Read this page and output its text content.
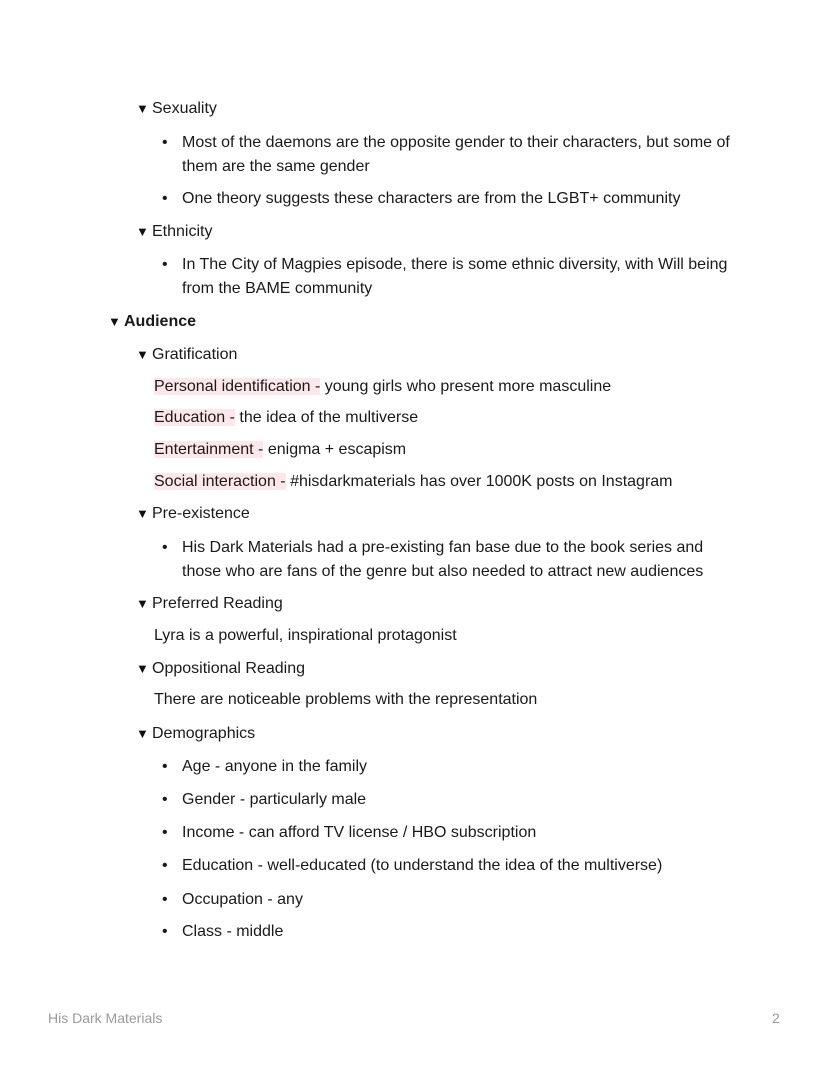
▼ Sexuality
• Most of the daemons are the opposite gender to their characters, but some of them are the same gender
• One theory suggests these characters are from the LGBT+ community
▼ Ethnicity
• In The City of Magpies episode, there is some ethnic diversity, with Will being from the BAME community
▼ Audience
▼ Gratification
Personal identification - young girls who present more masculine
Education - the idea of the multiverse
Entertainment - enigma + escapism
Social interaction - #hisdarkmaterials has over 1000K posts on Instagram
▼ Pre-existence
• His Dark Materials had a pre-existing fan base due to the book series and those who are fans of the genre but also needed to attract new audiences
▼ Preferred Reading
Lyra is a powerful, inspirational protagonist
▼ Oppositional Reading
There are noticeable problems with the representation
▼ Demographics
• Age - anyone in the family
• Gender - particularly male
• Income - can afford TV license / HBO subscription
• Education - well-educated (to understand the idea of the multiverse)
• Occupation - any
• Class - middle
His Dark Materials	2
